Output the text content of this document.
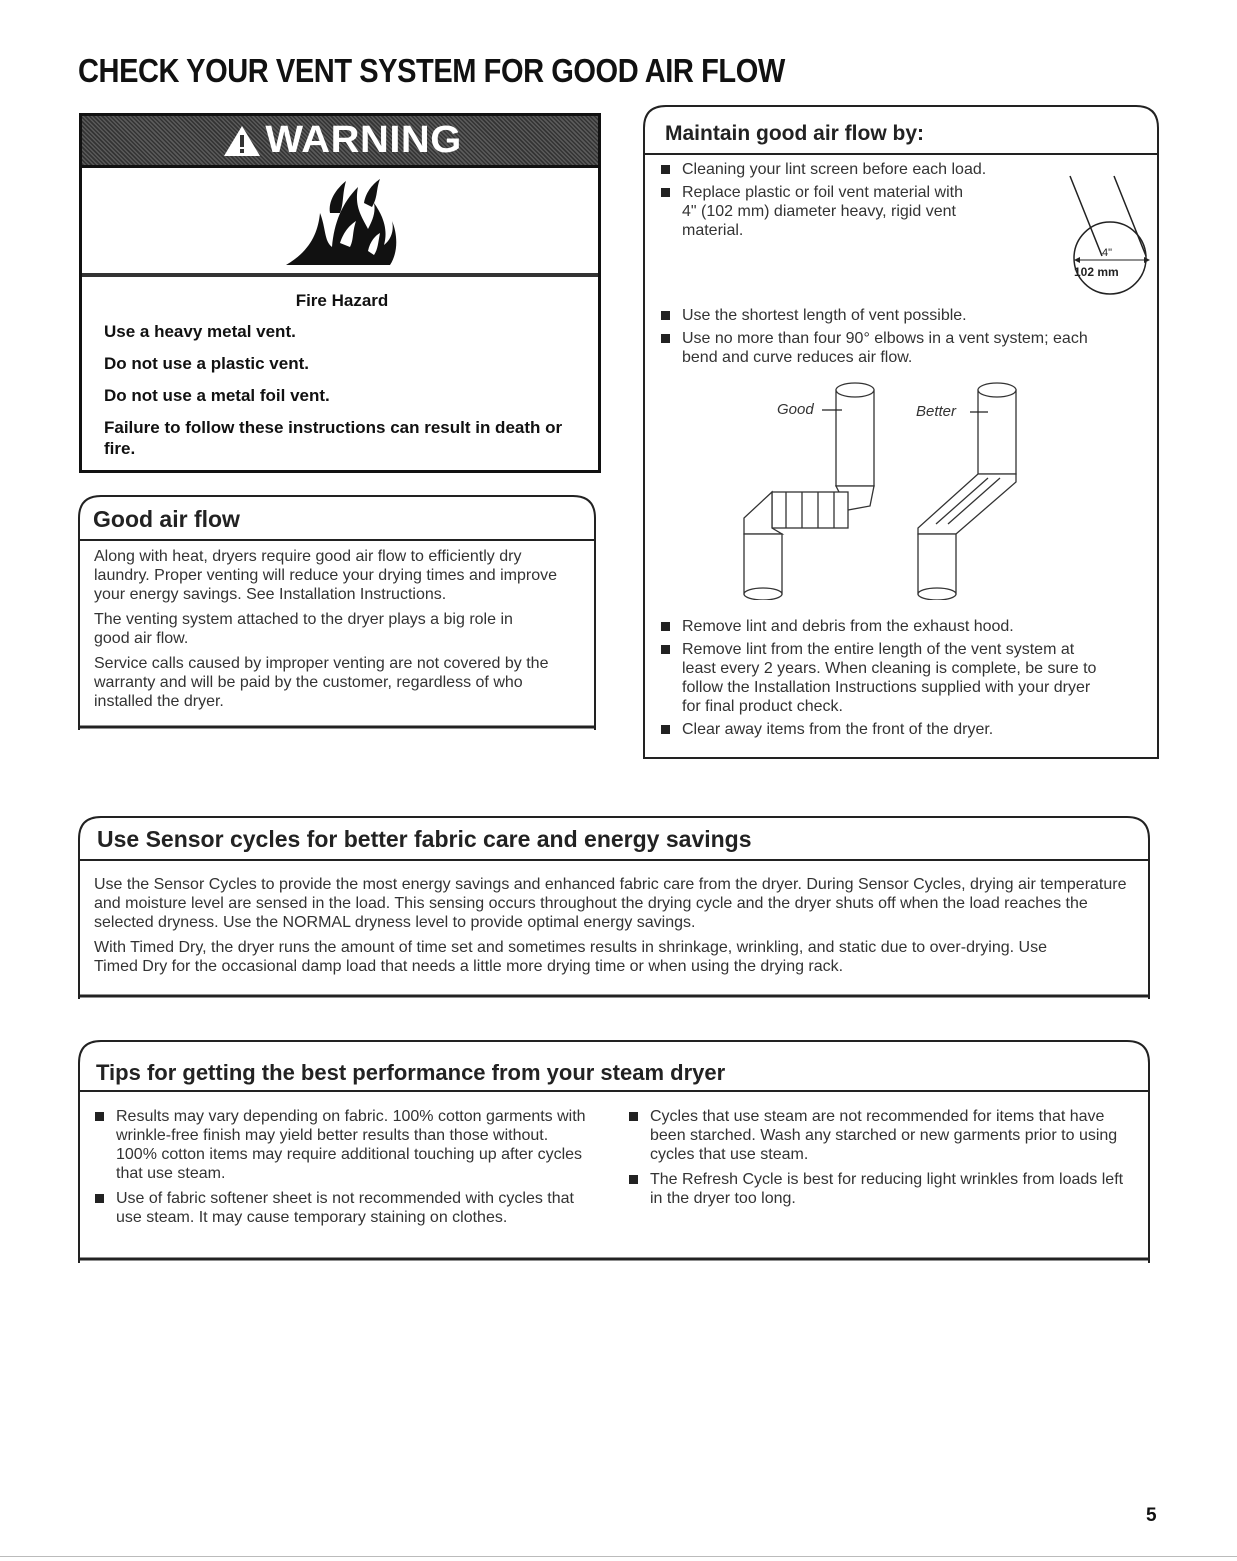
CHECK YOUR VENT SYSTEM FOR GOOD AIR FLOW
WARNING
Fire Hazard
Use a heavy metal vent.
Do not use a plastic vent.
Do not use a metal foil vent.
Failure to follow these instructions can result in death or fire.
Good air flow

Along with heat, dryers require good air flow to efficiently dry laundry. Proper venting will reduce your drying times and improve your energy savings. See Installation Instructions.

The venting system attached to the dryer plays a big role in good air flow.

Service calls caused by improper venting are not covered by the warranty and will be paid by the customer, regardless of who installed the dryer.

Maintain good air flow by:
Cleaning your lint screen before each load.
Replace plastic or foil vent material with 4" (102 mm) diameter heavy, rigid vent material.
4"
102 mm
Use the shortest length of vent possible.
Use no more than four 90° elbows in a vent system; each bend and curve reduces air flow.
Good	Better
Remove lint and debris from the exhaust hood.
Remove lint from the entire length of the vent system at least every 2 years. When cleaning is complete, be sure to follow the Installation Instructions supplied with your dryer for final product check.
Clear away items from the front of the dryer.
Use Sensor cycles for better fabric care and energy savings

Use the Sensor Cycles to provide the most energy savings and enhanced fabric care from the dryer. During Sensor Cycles, drying air temperature and moisture level are sensed in the load. This sensing occurs throughout the drying cycle and the dryer shuts off when the load reaches the selected dryness. Use the NORMAL dryness level to provide optimal energy savings.

With Timed Dry, the dryer runs the amount of time set and sometimes results in shrinkage, wrinkling, and static due to over-drying. Use Timed Dry for the occasional damp load that needs a little more drying time or when using the drying rack.

Tips for getting the best performance from your steam dryer
Results may vary depending on fabric. 100% cotton garments with wrinkle-free finish may yield better results than those without. 100% cotton items may require additional touching up after cycles that use steam.
Use of fabric softener sheet is not recommended with cycles that use steam. It may cause temporary staining on clothes.
Cycles that use steam are not recommended for items that have been starched. Wash any starched or new garments prior to using cycles that use steam.
The Refresh Cycle is best for reducing light wrinkles from loads left in the dryer too long.
5
